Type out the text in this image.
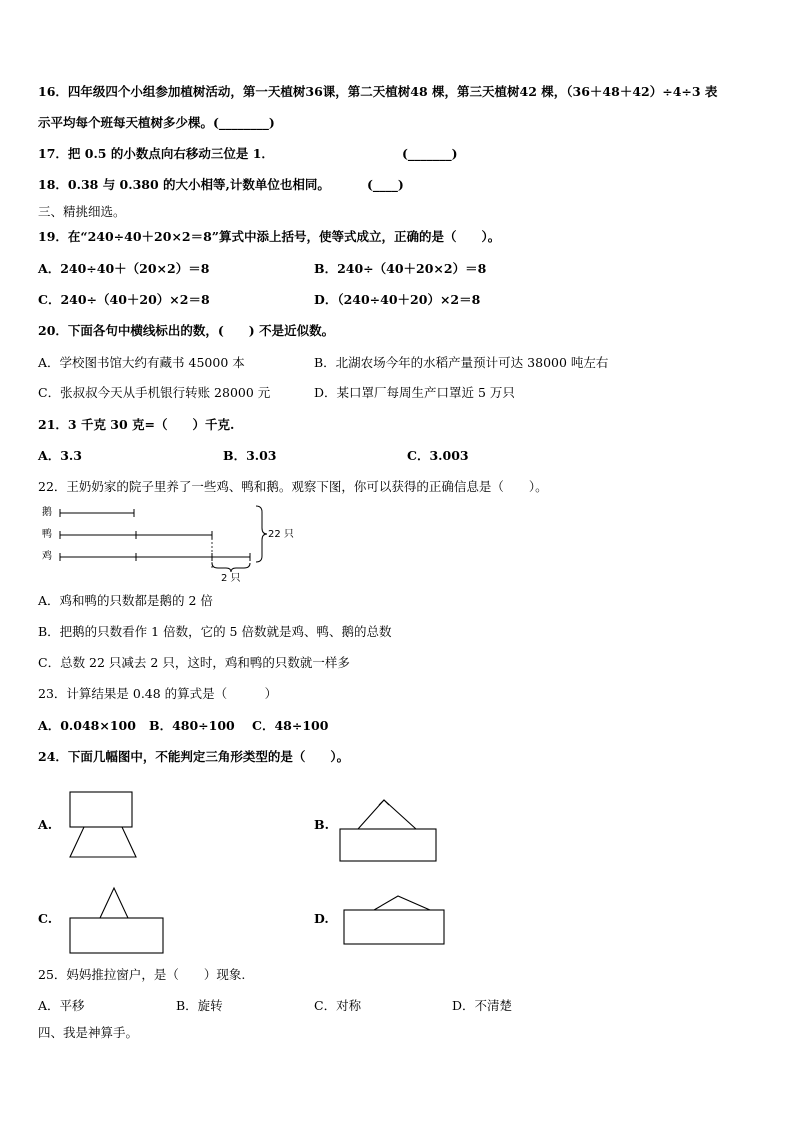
16．四年级四个小组参加植树活动，第一天植树36课，第二天植树48 棵，第三天植树42 棵，（36＋48＋42）÷4÷3 表
示平均每个班每天植树多少棵。(________)
17．把 0.5 的小数点向右移动三位是 1．	(_______)
18．0.38 与 0.380 的大小相等,计数单位也相同。	(____)
三、精挑细选。
19．在“240÷40＋20×2＝8”算式中添上括号，使等式成立，正确的是（　　）。
A．240÷40＋（20×2）＝8	B．240÷（40＋20×2）＝8
C．240÷（40＋20）×2＝8	D．（240÷40＋20）×2＝8
20．下面各句中横线标出的数，(　　) 不是近似数。
A．学校图书馆大约有藏书 45000 本	B．北湖农场今年的水稻产量预计可达 38000 吨左右
C．张叔叔今天从手机银行转账 28000 元	D．某口罩厂每周生产口罩近 5 万只
21．3 千克 30 克=（　　）千克.
A．3.3	B．3.03	C．3.003
22．王奶奶家的院子里养了一些鸡、鸭和鹅。观察下图，你可以获得的正确信息是（　　）。
鹅
鸭
鸡
2 只
22 只
A．鸡和鸭的只数都是鹅的 2 倍
B．把鹅的只数看作 1 倍数，它的 5 倍数就是鸡、鸭、鹅的总数
C．总数 22 只减去 2 只，这时，鸡和鸭的只数就一样多
23．计算结果是 0.48 的算式是（　　　）
A．0.048×100 B．480÷100 C．48÷100
24．下面几幅图中，不能判定三角形类型的是（　　）。
A.	B.
C.	D.
25．妈妈推拉窗户，是（　　）现象.
A．平移	B．旋转	C．对称	D．不清楚
四、我是神算手。
